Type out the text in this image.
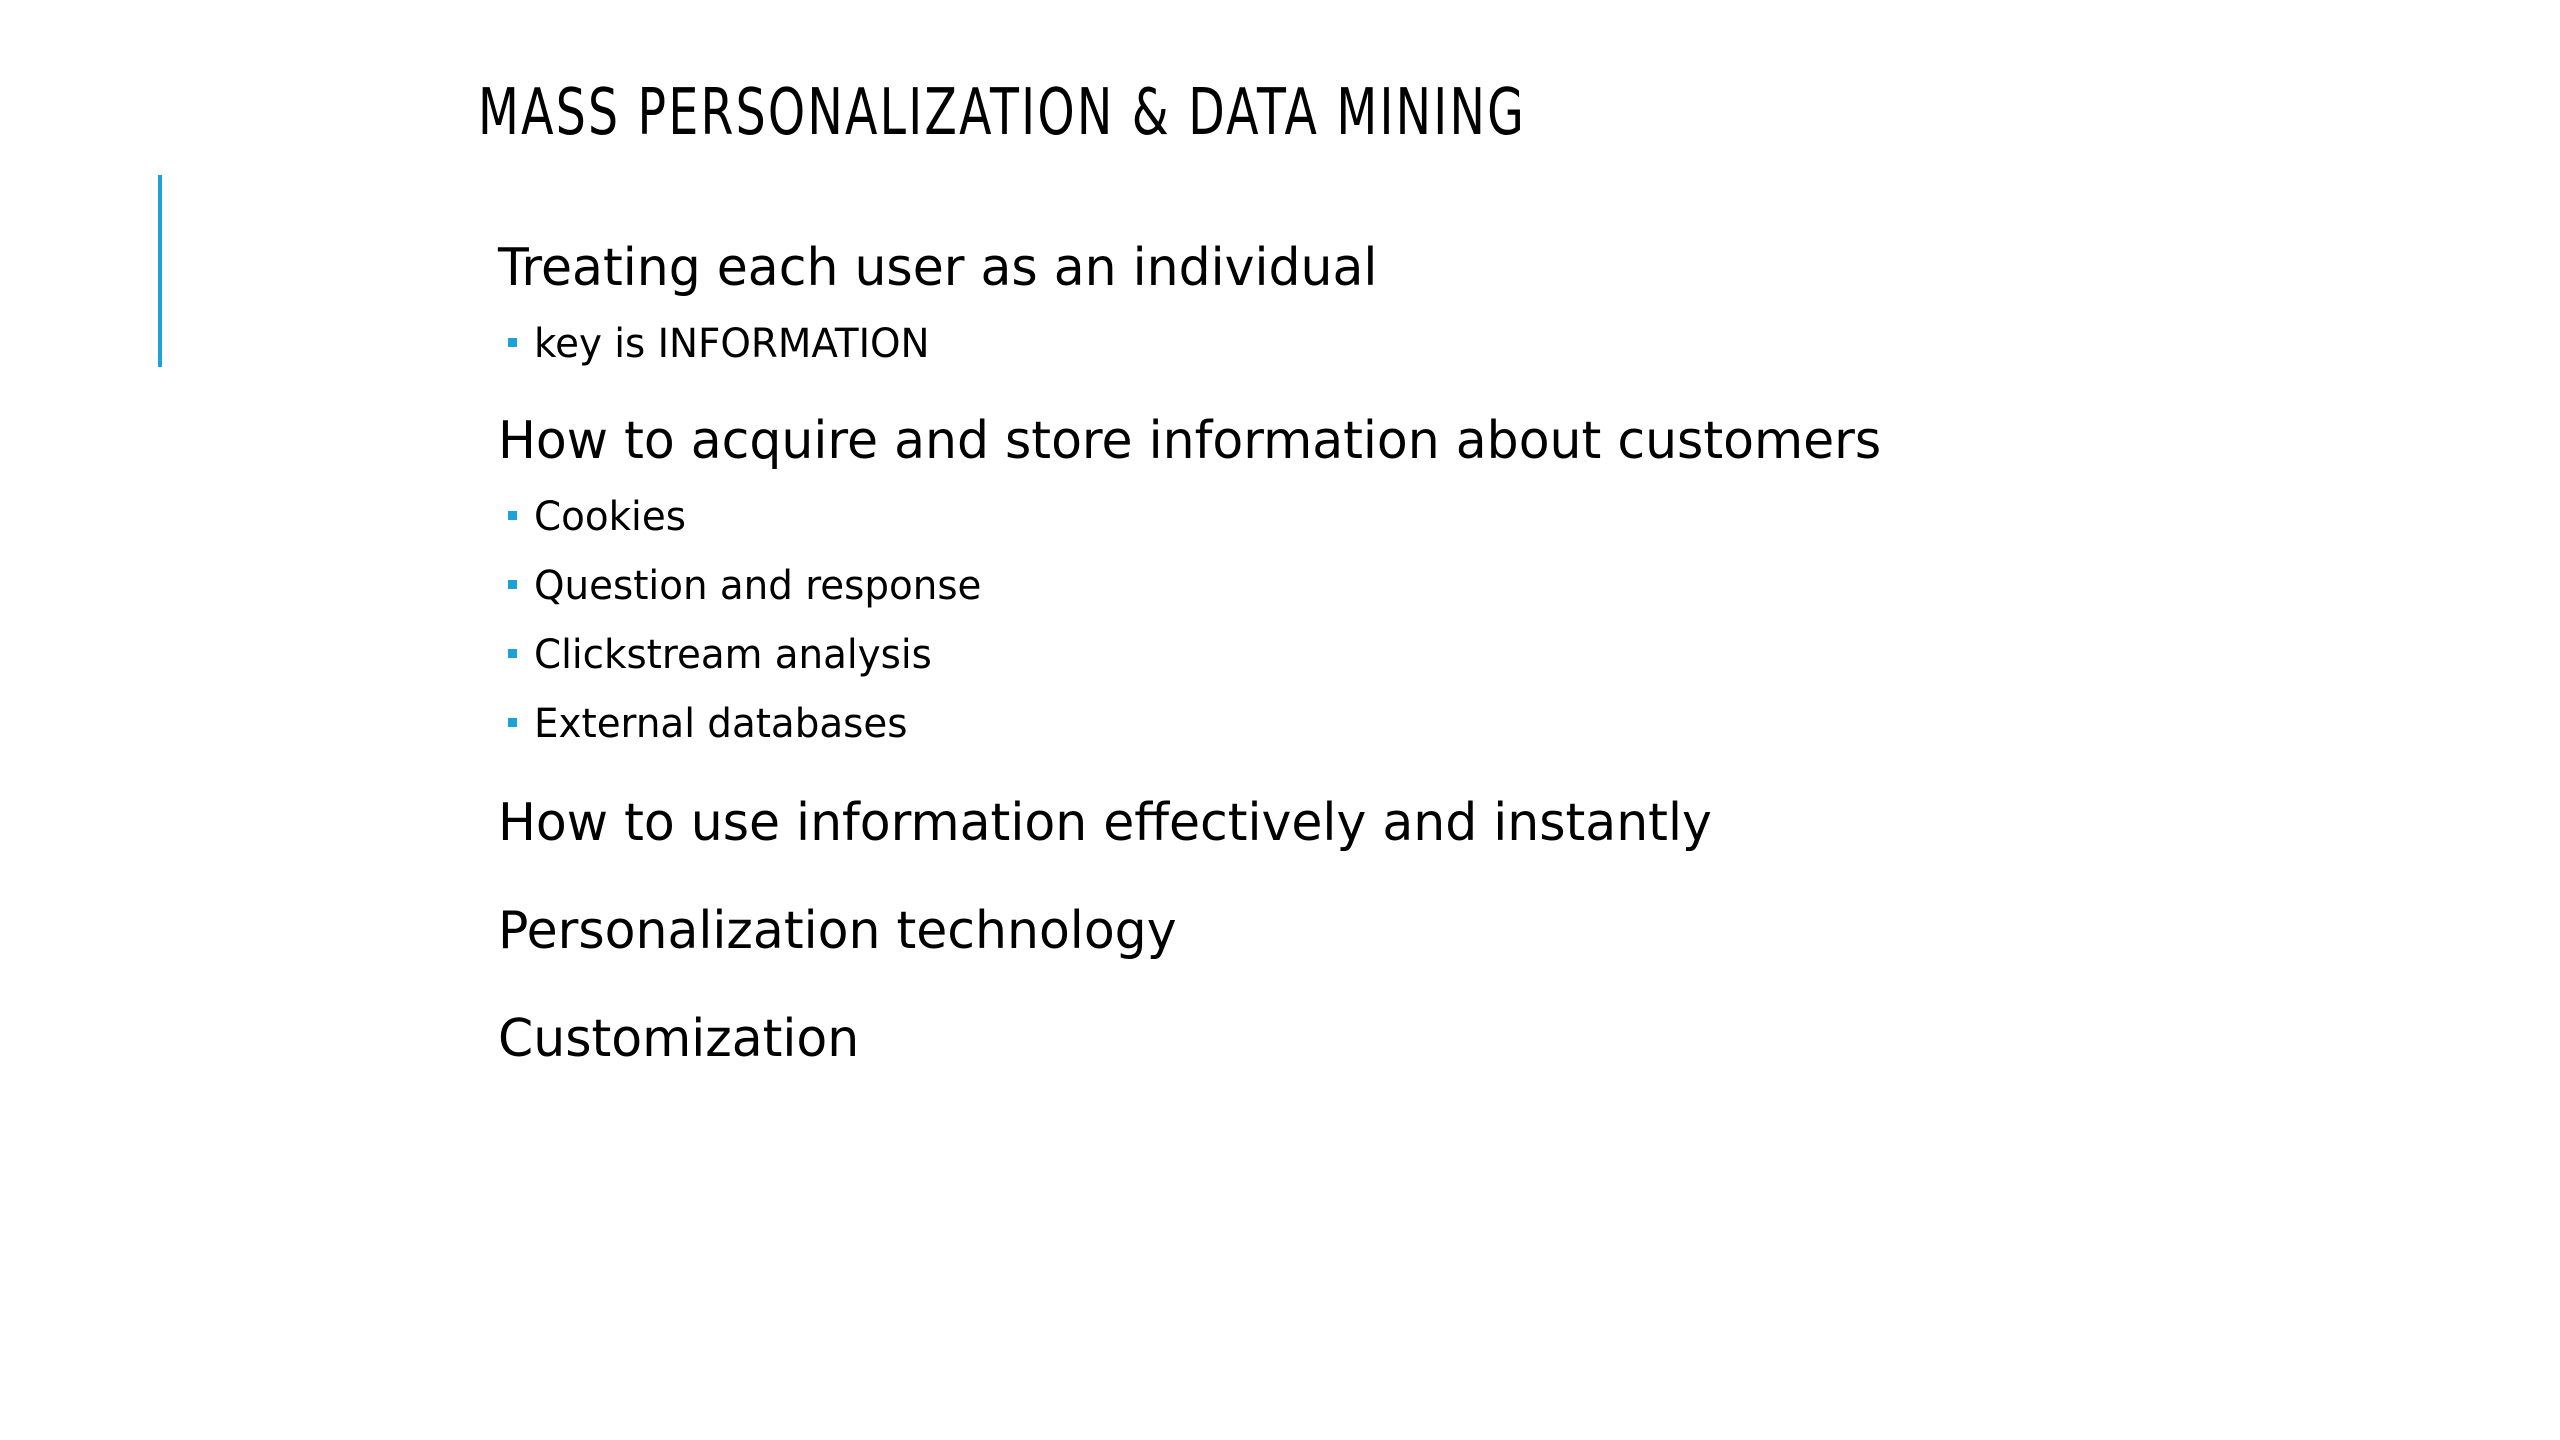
MASS PERSONALIZATION & DATA MINING
Treating each user as an individual
key is INFORMATION
How to acquire and store information about customers
Cookies
Question and response
Clickstream analysis
External databases
How to use information effectively and instantly
Personalization technology
Customization
